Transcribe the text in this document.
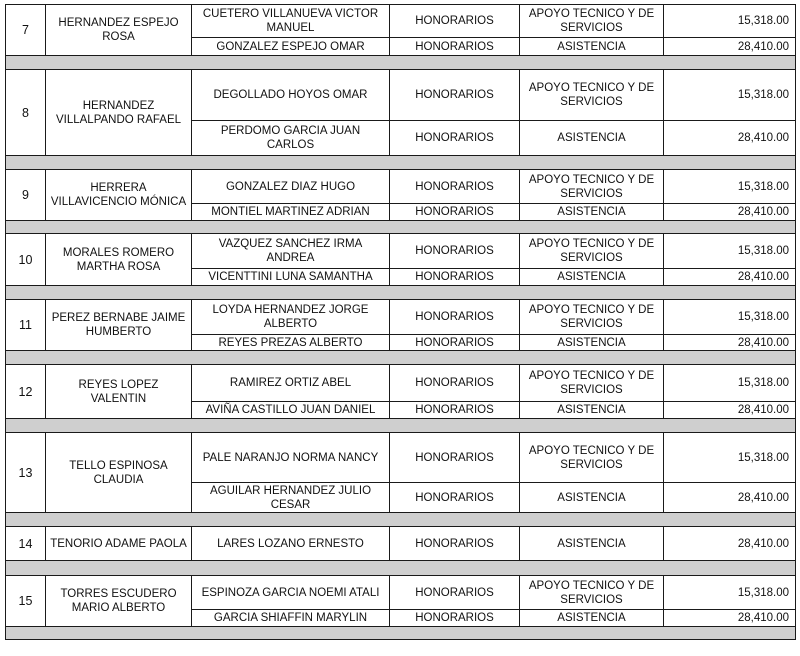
7	HERNANDEZ ESPEJO ROSA	CUETERO VILLANUEVA VICTOR MANUEL	HONORARIOS	APOYO TECNICO Y DE SERVICIOS	15,318.00
		GONZALEZ ESPEJO OMAR	HONORARIOS	ASISTENCIA	28,410.00

8	HERNANDEZ VILLALPANDO RAFAEL	DEGOLLADO HOYOS OMAR	HONORARIOS	APOYO TECNICO Y DE SERVICIOS	15,318.00
		PERDOMO GARCIA JUAN CARLOS	HONORARIOS	ASISTENCIA	28,410.00

9	HERRERA VILLAVICENCIO MÓNICA	GONZALEZ DIAZ HUGO	HONORARIOS	APOYO TECNICO Y DE SERVICIOS	15,318.00
		MONTIEL MARTINEZ ADRIAN	HONORARIOS	ASISTENCIA	28,410.00

10	MORALES ROMERO MARTHA ROSA	VAZQUEZ SANCHEZ IRMA ANDREA	HONORARIOS	APOYO TECNICO Y DE SERVICIOS	15,318.00
		VICENTTINI LUNA SAMANTHA	HONORARIOS	ASISTENCIA	28,410.00

11	PEREZ BERNABE JAIME HUMBERTO	LOYDA HERNANDEZ JORGE ALBERTO	HONORARIOS	APOYO TECNICO Y DE SERVICIOS	15,318.00
		REYES PREZAS ALBERTO	HONORARIOS	ASISTENCIA	28,410.00

12	REYES LOPEZ VALENTIN	RAMIREZ ORTIZ ABEL	HONORARIOS	APOYO TECNICO Y DE SERVICIOS	15,318.00
		AVIÑA CASTILLO JUAN DANIEL	HONORARIOS	ASISTENCIA	28,410.00

13	TELLO ESPINOSA CLAUDIA	PALE NARANJO NORMA NANCY	HONORARIOS	APOYO TECNICO Y DE SERVICIOS	15,318.00
		AGUILAR HERNANDEZ JULIO CESAR	HONORARIOS	ASISTENCIA	28,410.00

14	TENORIO ADAME PAOLA	LARES LOZANO ERNESTO	HONORARIOS	ASISTENCIA	28,410.00

15	TORRES ESCUDERO MARIO ALBERTO	ESPINOZA GARCIA NOEMI ATALI	HONORARIOS	APOYO TECNICO Y DE SERVICIOS	15,318.00
		GARCIA SHIAFFIN MARYLIN	HONORARIOS	ASISTENCIA	28,410.00
